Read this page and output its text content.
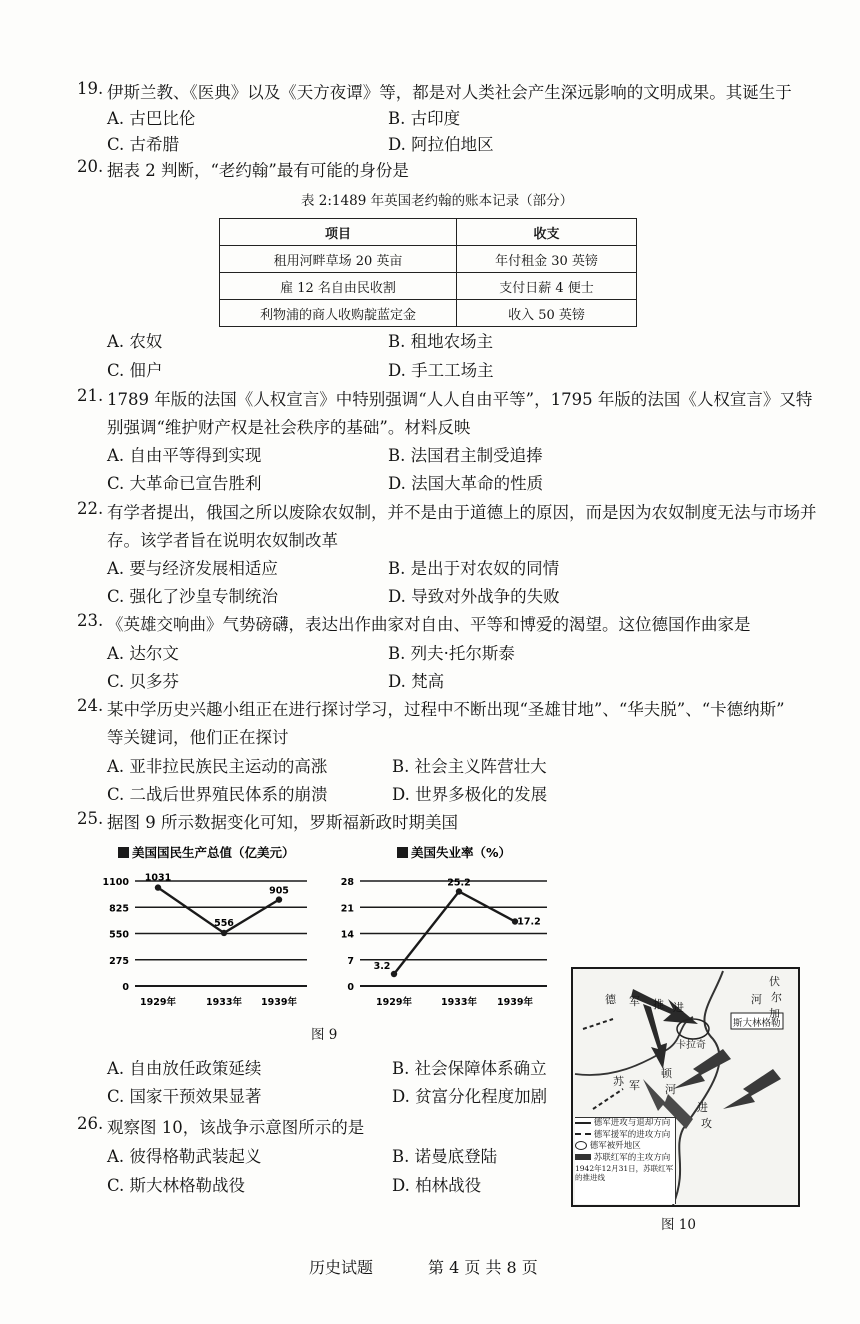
19. 伊斯兰教、《医典》以及《天方夜谭》等，都是对人类社会产生深远影响的文明成果。其诞生于
A. 古巴比伦	B. 古印度
C. 古希腊	D. 阿拉伯地区
20. 据表 2 判断，“老约翰”最有可能的身份是
表 2:1489 年英国老约翰的账本记录（部分）
项目	收支
租用河畔草场 20 英亩	年付租金 30 英镑
雇 12 名自由民收割	支付日薪 4 便士
利物浦的商人收购靛蓝定金	收入 50 英镑
A. 农奴	B. 租地农场主
C. 佃户	D. 手工工场主
21. 1789 年版的法国《人权宣言》中特别强调“人人自由平等”，1795 年版的法国《人权宣言》又特
别强调“维护财产权是社会秩序的基础”。材料反映
A. 自由平等得到实现	B. 法国君主制受追捧
C. 大革命已宣告胜利	D. 法国大革命的性质
22. 有学者提出，俄国之所以废除农奴制，并不是由于道德上的原因，而是因为农奴制度无法与市场并
存。该学者旨在说明农奴制改革
A. 要与经济发展相适应	B. 是出于对农奴的同情
C. 强化了沙皇专制统治	D. 导致对外战争的失败
23. 《英雄交响曲》气势磅礴，表达出作曲家对自由、平等和博爱的渴望。这位德国作曲家是
A. 达尔文	B. 列夫·托尔斯泰
C. 贝多芬	D. 梵高
24. 某中学历史兴趣小组正在进行探讨学习，过程中不断出现“圣雄甘地”、“华夫脱”、“卡德纳斯”
等关键词，他们正在探讨
A. 亚非拉民族民主运动的高涨	B. 社会主义阵营壮大
C. 二战后世界殖民体系的崩溃	D. 世界多极化的发展
25. 据图 9 所示数据变化可知，罗斯福新政时期美国
美国国民生产总值（亿美元）
0
275
550
825
1100 1031
1929年
556
1933年
905
1939年
美国失业率（%）
0
7
14
21
28
3.2
1929年
25.2
1933年
17.2
1939年
图 9
A. 自由放任政策延续	B. 社会保障体系确立
C. 国家干预效果显著	D. 贫富分化程度加剧
26. 观察图 10，该战争示意图所示的是
A. 彼得格勒武装起义	B. 诺曼底登陆
C. 斯大林格勒战役	D. 柏林战役
德 军 推 进
伏
尔
加
河
卡拉奇
斯大林格勒
苏 军
进
攻
顿
河
德军进攻与退却方向
德军援军的进攻方向
德军被歼地区
苏联红军的主攻方向
1942年12月31日，苏联红军的推进线
图 10
历史试题	第 4 页 共 8 页
